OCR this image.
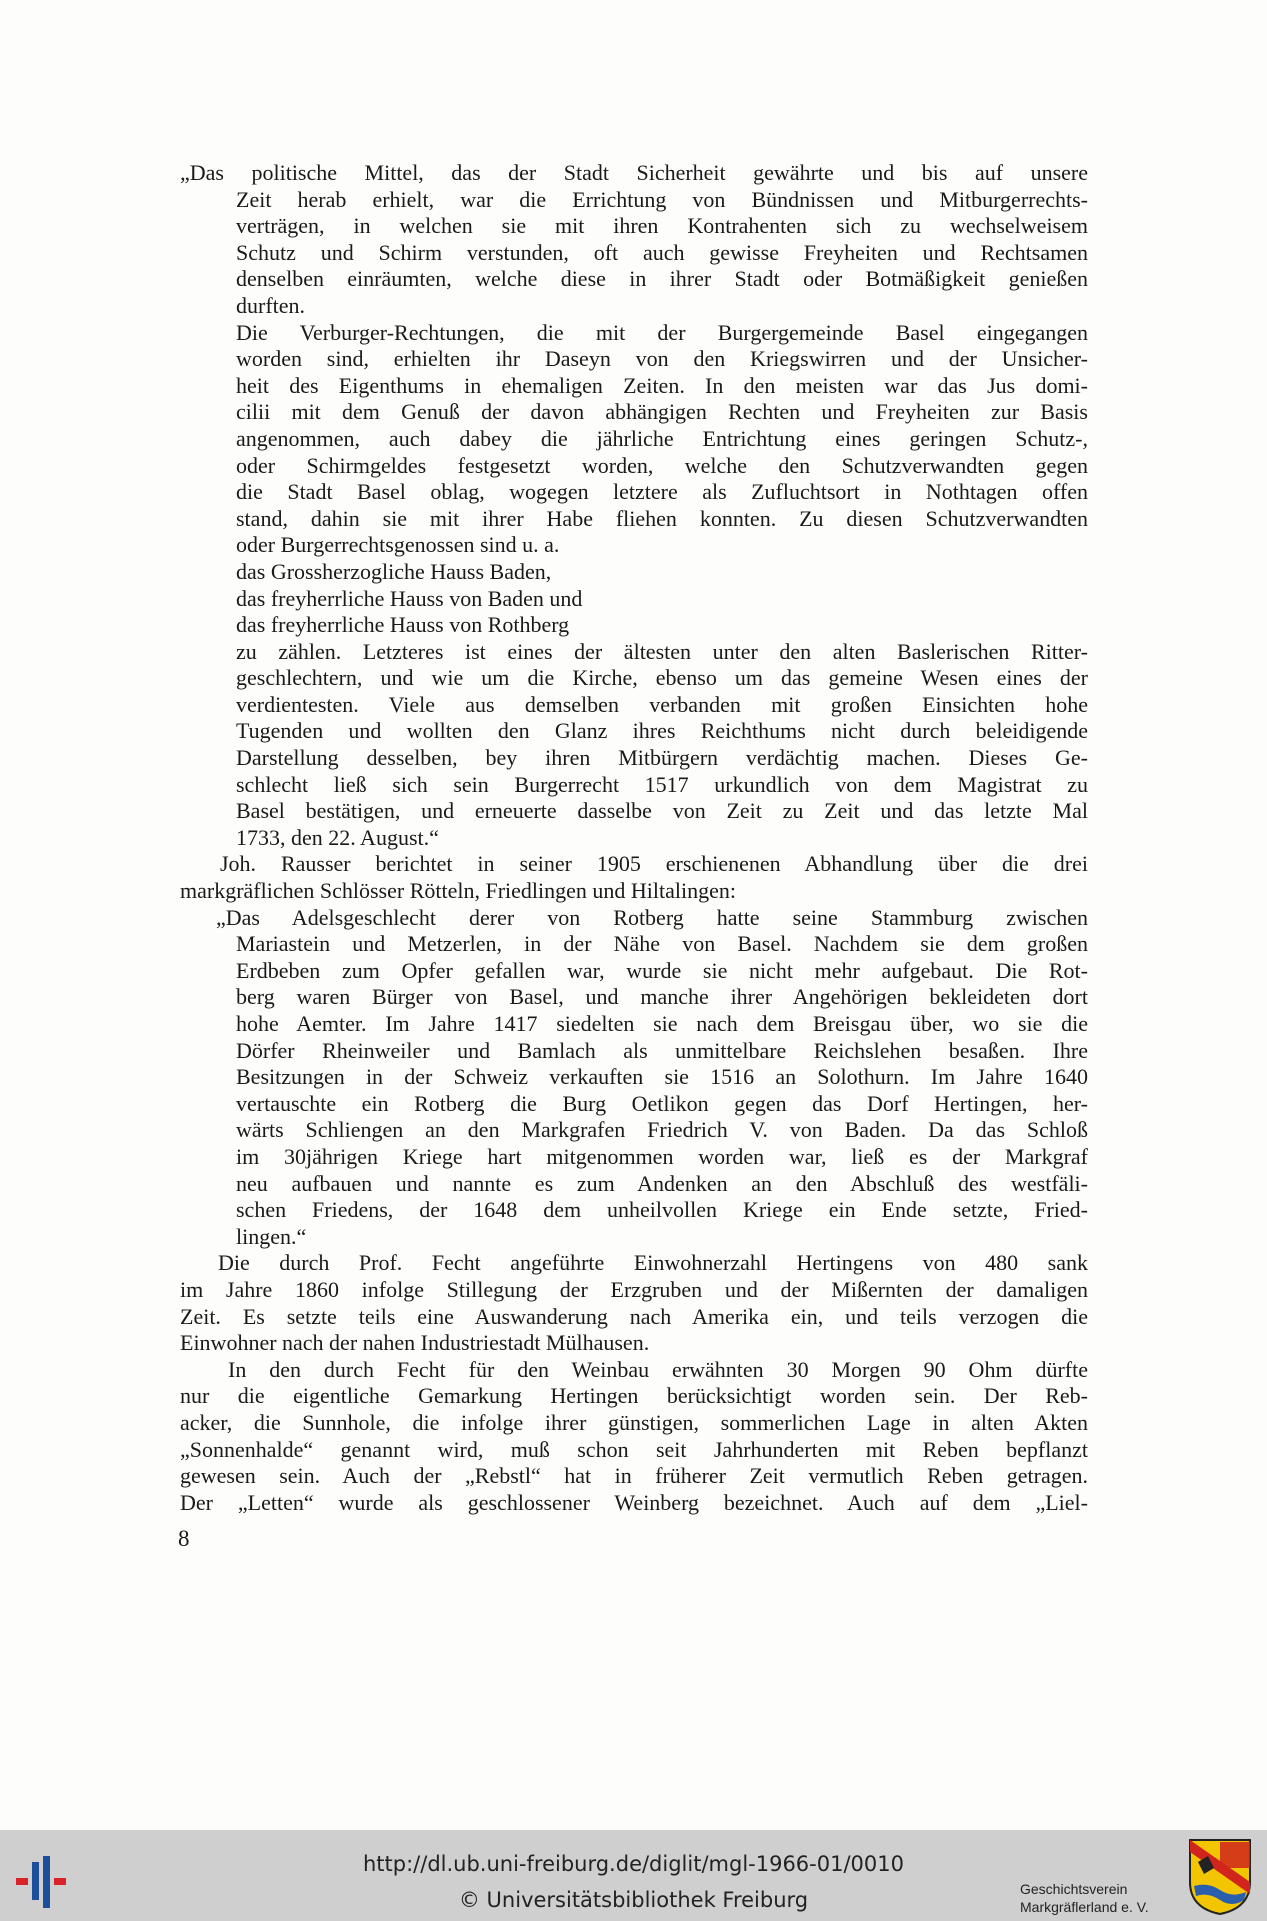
„Das politische Mittel, das der Stadt Sicherheit gewährte und bis auf unsere
Zeit herab erhielt, war die Errichtung von Bündnissen und Mitburgerrechts-
verträgen, in welchen sie mit ihren Kontrahenten sich zu wechselweisem
Schutz und Schirm verstunden, oft auch gewisse Freyheiten und Rechtsamen
denselben einräumten, welche diese in ihrer Stadt oder Botmäßigkeit genießen
durften.
Die Verburger-Rechtungen, die mit der Burgergemeinde Basel eingegangen
worden sind, erhielten ihr Daseyn von den Kriegswirren und der Unsicher-
heit des Eigenthums in ehemaligen Zeiten. In den meisten war das Jus domi-
cilii mit dem Genuß der davon abhängigen Rechten und Freyheiten zur Basis
angenommen, auch dabey die jährliche Entrichtung eines geringen Schutz-,
oder Schirmgeldes festgesetzt worden, welche den Schutzverwandten gegen
die Stadt Basel oblag, wogegen letztere als Zufluchtsort in Nothtagen offen
stand, dahin sie mit ihrer Habe fliehen konnten. Zu diesen Schutzverwandten
oder Burgerrechtsgenossen sind u. a.
das Grossherzogliche Hauss Baden,
das freyherrliche Hauss von Baden und
das freyherrliche Hauss von Rothberg
zu zählen. Letzteres ist eines der ältesten unter den alten Baslerischen Ritter-
geschlechtern, und wie um die Kirche, ebenso um das gemeine Wesen eines der
verdientesten. Viele aus demselben verbanden mit großen Einsichten hohe
Tugenden und wollten den Glanz ihres Reichthums nicht durch beleidigende
Darstellung desselben, bey ihren Mitbürgern verdächtig machen. Dieses Ge-
schlecht ließ sich sein Burgerrecht 1517 urkundlich von dem Magistrat zu
Basel bestätigen, und erneuerte dasselbe von Zeit zu Zeit und das letzte Mal
1733, den 22. August.“
Joh. Rausser berichtet in seiner 1905 erschienenen Abhandlung über die drei
markgräflichen Schlösser Rötteln, Friedlingen und Hiltalingen:
„Das Adelsgeschlecht derer von Rotberg hatte seine Stammburg zwischen
Mariastein und Metzerlen, in der Nähe von Basel. Nachdem sie dem großen
Erdbeben zum Opfer gefallen war, wurde sie nicht mehr aufgebaut. Die Rot-
berg waren Bürger von Basel, und manche ihrer Angehörigen bekleideten dort
hohe Aemter. Im Jahre 1417 siedelten sie nach dem Breisgau über, wo sie die
Dörfer Rheinweiler und Bamlach als unmittelbare Reichslehen besaßen. Ihre
Besitzungen in der Schweiz verkauften sie 1516 an Solothurn. Im Jahre 1640
vertauschte ein Rotberg die Burg Oetlikon gegen das Dorf Hertingen, her-
wärts Schliengen an den Markgrafen Friedrich V. von Baden. Da das Schloß
im 30jährigen Kriege hart mitgenommen worden war, ließ es der Markgraf
neu aufbauen und nannte es zum Andenken an den Abschluß des westfäli-
schen Friedens, der 1648 dem unheilvollen Kriege ein Ende setzte, Fried-
lingen.“
Die durch Prof. Fecht angeführte Einwohnerzahl Hertingens von 480 sank
im Jahre 1860 infolge Stillegung der Erzgruben und der Mißernten der damaligen
Zeit. Es setzte teils eine Auswanderung nach Amerika ein, und teils verzogen die
Einwohner nach der nahen Industriestadt Mülhausen.
In den durch Fecht für den Weinbau erwähnten 30 Morgen 90 Ohm dürfte
nur die eigentliche Gemarkung Hertingen berücksichtigt worden sein. Der Reb-
acker, die Sunnhole, die infolge ihrer günstigen, sommerlichen Lage in alten Akten
„Sonnenhalde“ genannt wird, muß schon seit Jahrhunderten mit Reben bepflanzt
gewesen sein. Auch der „Rebstl“ hat in früherer Zeit vermutlich Reben getragen.
Der „Letten“ wurde als geschlossener Weinberg bezeichnet. Auch auf dem „Liel-
8
http://dl.ub.uni-freiburg.de/diglit/mgl-1966-01/0010
© Universitätsbibliothek Freiburg	Geschichtsverein
Markgräflerland e. V.
